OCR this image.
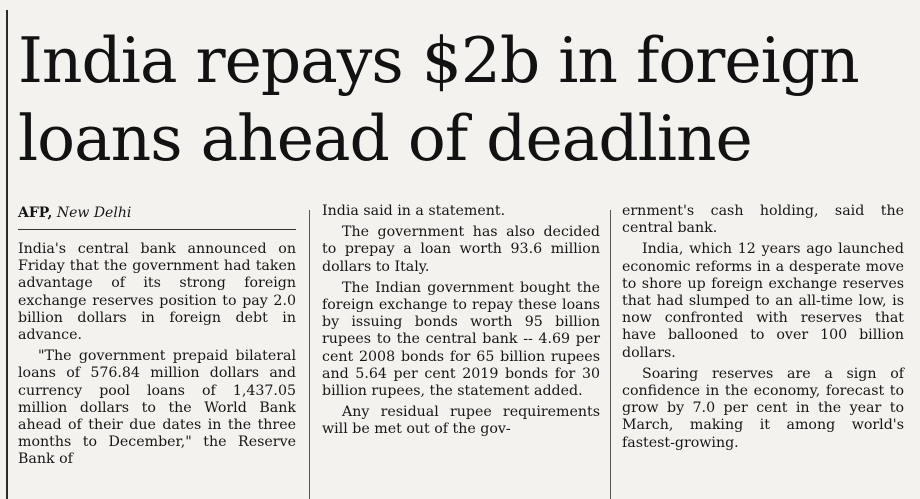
India repays $2b in foreign
loans ahead of deadline
AFP, New Delhi

India's central bank announced on Friday that the government had taken advantage of its strong foreign exchange reserves position to pay 2.0 billion dollars in foreign debt in advance.

"The government prepaid bilateral loans of 576.84 million dollars and currency pool loans of 1,437.05 million dollars to the World Bank ahead of their due dates in the three months to December," the Reserve Bank of

India said in a statement.

The government has also decided to prepay a loan worth 93.6 million dollars to Italy.

The Indian government bought the foreign exchange to repay these loans by issuing bonds worth 95 billion rupees to the central bank -- 4.69 per cent 2008 bonds for 65 billion rupees and 5.64 per cent 2019 bonds for 30 billion rupees, the statement added.

Any residual rupee requirements will be met out of the gov-

ernment's cash holding, said the central bank.

India, which 12 years ago launched economic reforms in a desperate move to shore up foreign exchange reserves that had slumped to an all-time low, is now confronted with reserves that have ballooned to over 100 billion dollars.

Soaring reserves are a sign of confidence in the economy, forecast to grow by 7.0 per cent in the year to March, making it among world's fastest-growing.
